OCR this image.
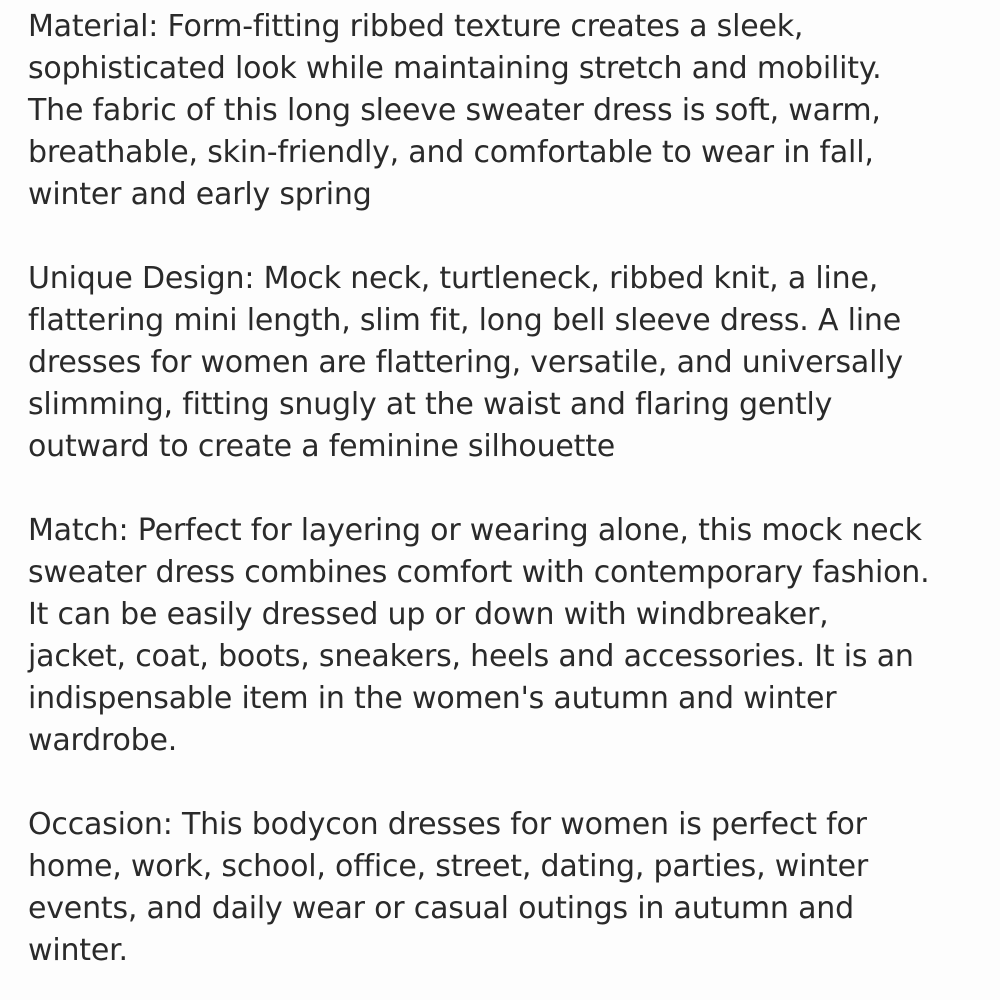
Material: Form-fitting ribbed texture creates a sleek,
sophisticated look while maintaining stretch and mobility.
The fabric of this long sleeve sweater dress is soft, warm,
breathable, skin-friendly, and comfortable to wear in fall,
winter and early spring

Unique Design: Mock neck, turtleneck, ribbed knit, a line,
flattering mini length, slim fit, long bell sleeve dress. A line
dresses for women are flattering, versatile, and universally
slimming, fitting snugly at the waist and flaring gently
outward to create a feminine silhouette

Match: Perfect for layering or wearing alone, this mock neck
sweater dress combines comfort with contemporary fashion.
It can be easily dressed up or down with windbreaker,
jacket, coat, boots, sneakers, heels and accessories. It is an
indispensable item in the women's autumn and winter
wardrobe.

Occasion: This bodycon dresses for women is perfect for
home, work, school, office, street, dating, parties, winter
events, and daily wear or casual outings in autumn and
winter.
